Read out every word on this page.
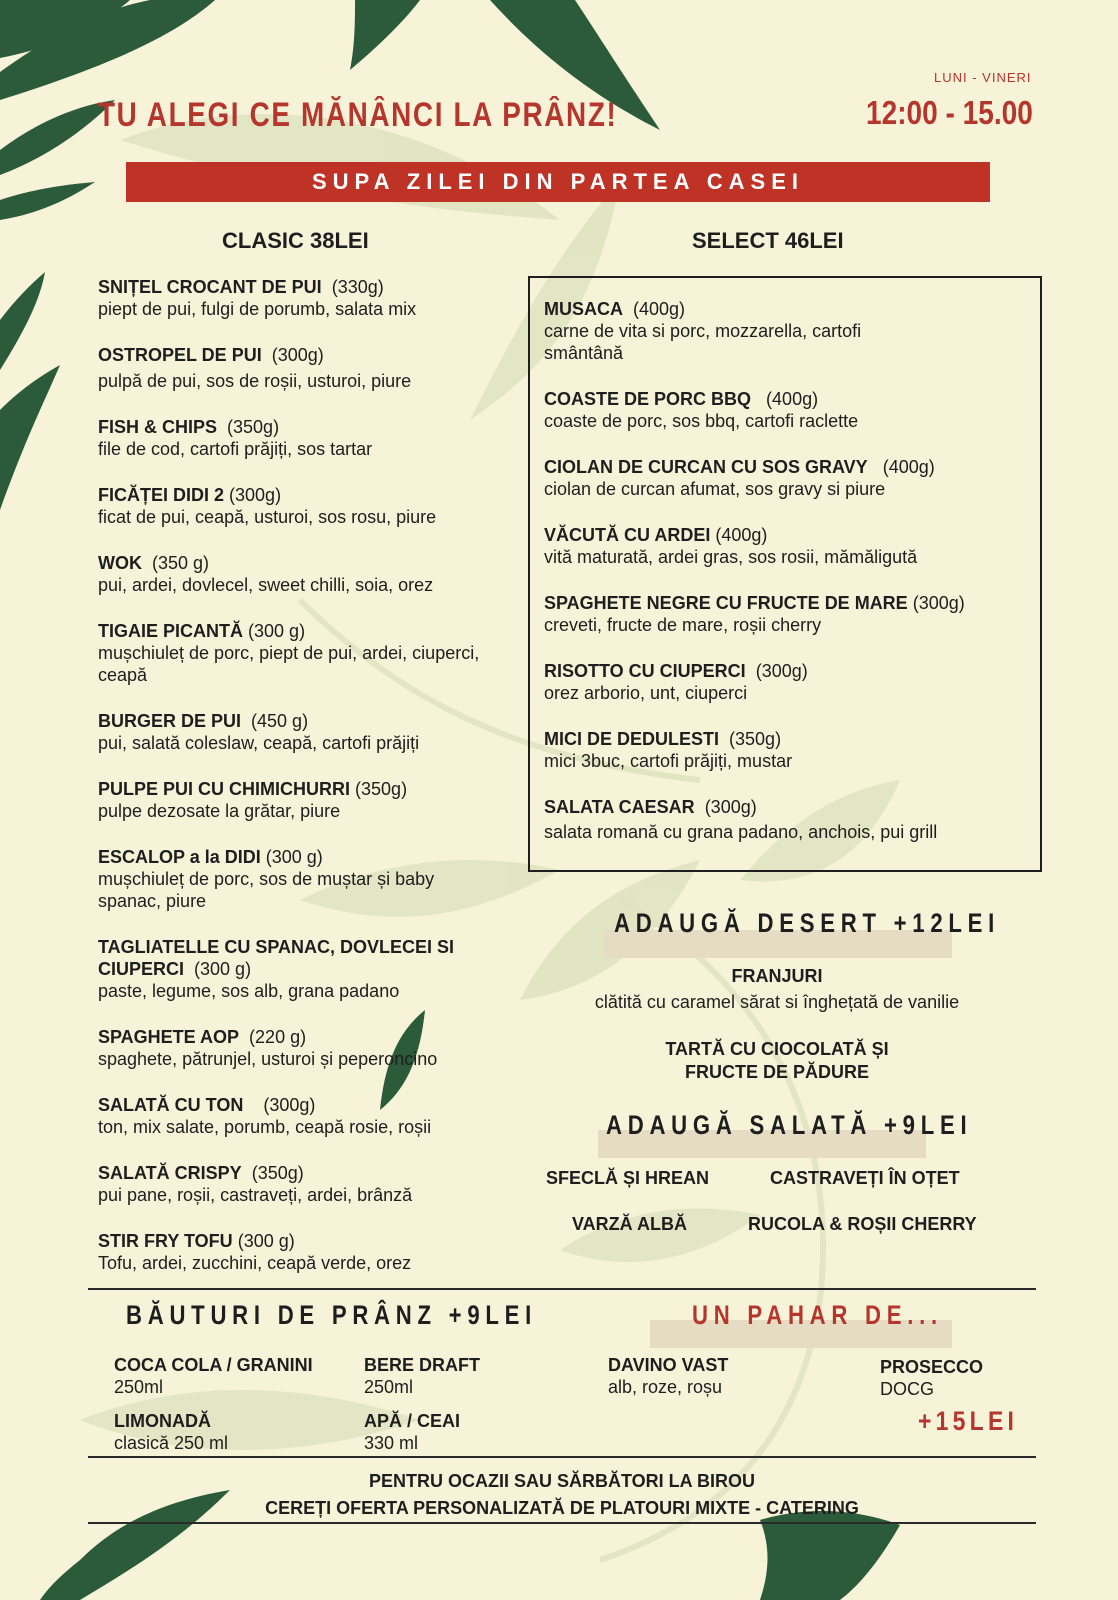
TU ALEGI CE MĂNÂNCI LA PRÂNZ!
LUNI - VINERI
12:00 - 15.00
SUPA ZILEI DIN PARTEA CASEI
CLASIC 38LEI	SELECT 46LEI
SNIȚEL CROCANT DE PUI (330g)
piept de pui, fulgi de porumb, salata mix
OSTROPEL DE PUI (300g)
pulpă de pui, sos de roșii, usturoi, piure
FISH & CHIPS (350g)
file de cod, cartofi prăjiți, sos tartar
FICĂȚEI DIDI 2 (300g)
ficat de pui, ceapă, usturoi, sos rosu, piure
WOK (350 g)
pui, ardei, dovlecel, sweet chilli, soia, orez
TIGAIE PICANTĂ (300 g)
mușchiuleț de porc, piept de pui, ardei, ciuperci, ceapă
BURGER DE PUI (450 g)
pui, salată coleslaw, ceapă, cartofi prăjiți
PULPE PUI CU CHIMICHURRI (350g)
pulpe dezosate la grătar, piure
ESCALOP a la DIDI (300 g)
mușchiuleț de porc, sos de muștar și baby spanac, piure
TAGLIATELLE CU SPANAC, DOVLECEI SI CIUPERCI (300 g)
paste, legume, sos alb, grana padano
SPAGHETE AOP (220 g)
spaghete, pătrunjel, usturoi și peperoncino
SALATĂ CU TON (300g)
ton, mix salate, porumb, ceapă rosie, roșii
SALATĂ CRISPY (350g)
pui pane, roșii, castraveți, ardei, brânză
STIR FRY TOFU (300 g)
Tofu, ardei, zucchini, ceapă verde, orez
MUSACA (400g)
carne de vita si porc, mozzarella, cartofi smântână
COASTE DE PORC BBQ (400g)
coaste de porc, sos bbq, cartofi raclette
CIOLAN DE CURCAN CU SOS GRAVY (400g)
ciolan de curcan afumat, sos gravy si piure
VĂCUTĂ CU ARDEI (400g)
vită maturată, ardei gras, sos rosii, mămăligută
SPAGHETE NEGRE CU FRUCTE DE MARE (300g)
creveti, fructe de mare, roșii cherry
RISOTTO CU CIUPERCI (300g)
orez arborio, unt, ciuperci
MICI DE DEDULESTI (350g)
mici 3buc, cartofi prăjiți, mustar
SALATA CAESAR (300g)
salata romană cu grana padano, anchois, pui grill
ADAUGĂ DESERT +12LEI
FRANJURI
clătită cu caramel sărat si înghețată de vanilie
TARTĂ CU CIOCOLATĂ ȘI
FRUCTE DE PĂDURE
ADAUGĂ SALATĂ +9LEI
SFECLĂ ȘI HREAN	CASTRAVEȚI ÎN OȚET
VARZĂ ALBĂ	RUCOLA & ROȘII CHERRY
BĂUTURI DE PRÂNZ +9LEI
COCA COLA / GRANINI
250ml
BERE DRAFT
250ml
LIMONADĂ
clasică 250 ml
APĂ / CEAI
330 ml
UN PAHAR DE...
DAVINO VAST
alb, roze, roșu
PROSECCO
DOCG
+15LEI
PENTRU OCAZII SAU SĂRBĂTORI LA BIROU
CEREȚI OFERTA PERSONALIZATĂ DE PLATOURI MIXTE - CATERING
